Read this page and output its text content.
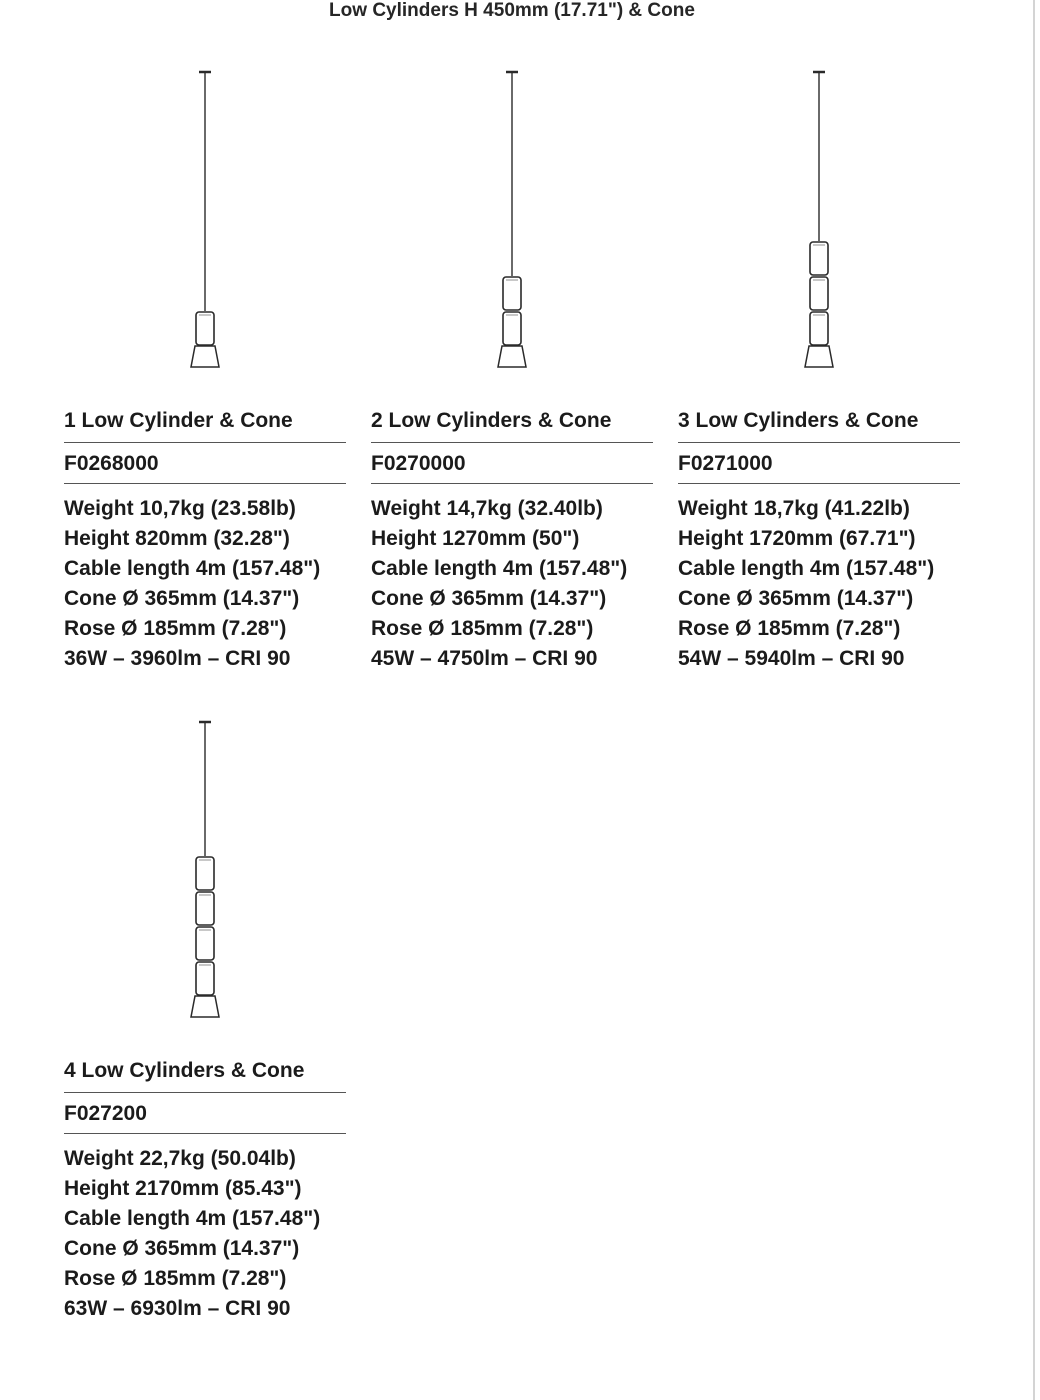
Low Cylinders H 450mm (17.71") & Cone
1 Low Cylinder & Cone
F0268000
Weight 10,7kg (23.58lb)
Height 820mm (32.28")
Cable length 4m (157.48")
Cone Ø 365mm (14.37")
Rose Ø 185mm (7.28")
36W – 3960lm – CRI 90
2 Low Cylinders & Cone
F0270000
Weight 14,7kg (32.40lb)
Height 1270mm (50")
Cable length 4m (157.48")
Cone Ø 365mm (14.37")
Rose Ø 185mm (7.28")
45W – 4750lm – CRI 90
3 Low Cylinders & Cone
F0271000
Weight 18,7kg (41.22lb)
Height 1720mm (67.71")
Cable length 4m (157.48")
Cone Ø 365mm (14.37")
Rose Ø 185mm (7.28")
54W – 5940lm – CRI 90
4 Low Cylinders & Cone
F027200
Weight 22,7kg (50.04lb)
Height 2170mm (85.43")
Cable length 4m (157.48")
Cone Ø 365mm (14.37")
Rose Ø 185mm (7.28")
63W – 6930lm – CRI 90
